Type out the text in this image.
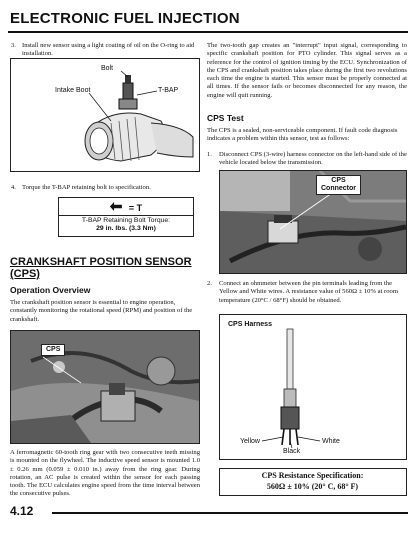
ELECTRONIC FUEL INJECTION
3. Install new sensor using a light coating of oil on the O-ring to aid installation.
Bolt
Intake Boot	T-BAP
4. Torque the T-BAP retaining bolt to specification.
= T
T-BAP Retaining Bolt Torque:
29 in. lbs. (3.3 Nm)
CRANKSHAFT POSITION SENSOR
(CPS)
Operation Overview
The crankshaft position sensor is essential to engine operation, constantly monitoring the rotational speed (RPM) and position of the crankshaft.
CPS
A ferromagnetic 60-tooth ring gear with two consecutive teeth missing is mounted on the flywheel. The inductive speed sensor is mounted 1.0 ± 0.26 mm (0.059 ± 0.010 in.) away from the ring gear. During rotation, an AC pulse is created within the sensor for each passing tooth. The ECU calculates engine speed from the time interval between the consecutive pulses.
The two-tooth gap creates an "interrupt" input signal, corresponding to specific crankshaft position for PTO cylinder. This signal serves as a reference for the control of ignition timing by the ECU. Synchronization of the CPS and crankshaft position takes place during the first two revolutions each time the engine is started. This sensor must be properly connected at all times. If the sensor fails or becomes disconnected for any reason, the engine will quit running.
CPS Test
The CPS is a sealed, non-serviceable component. If fault code diagnosis indicates a problem within this sensor, test as follows:
1.	Disconnect CPS (3-wire) harness connector on the left-hand side of the vehicle located below the transmission.
CPS
Connector
2.	Connect an ohmmeter between the pin terminals leading from the Yellow and White wires. A resistance value of 560Ω ± 10% at room temperature (20°C / 68°F) should be obtained.
CPS Harness
Yellow
Black
White
CPS Resistance Specification:
560Ω ± 10% (20° C, 68° F)
4.12
